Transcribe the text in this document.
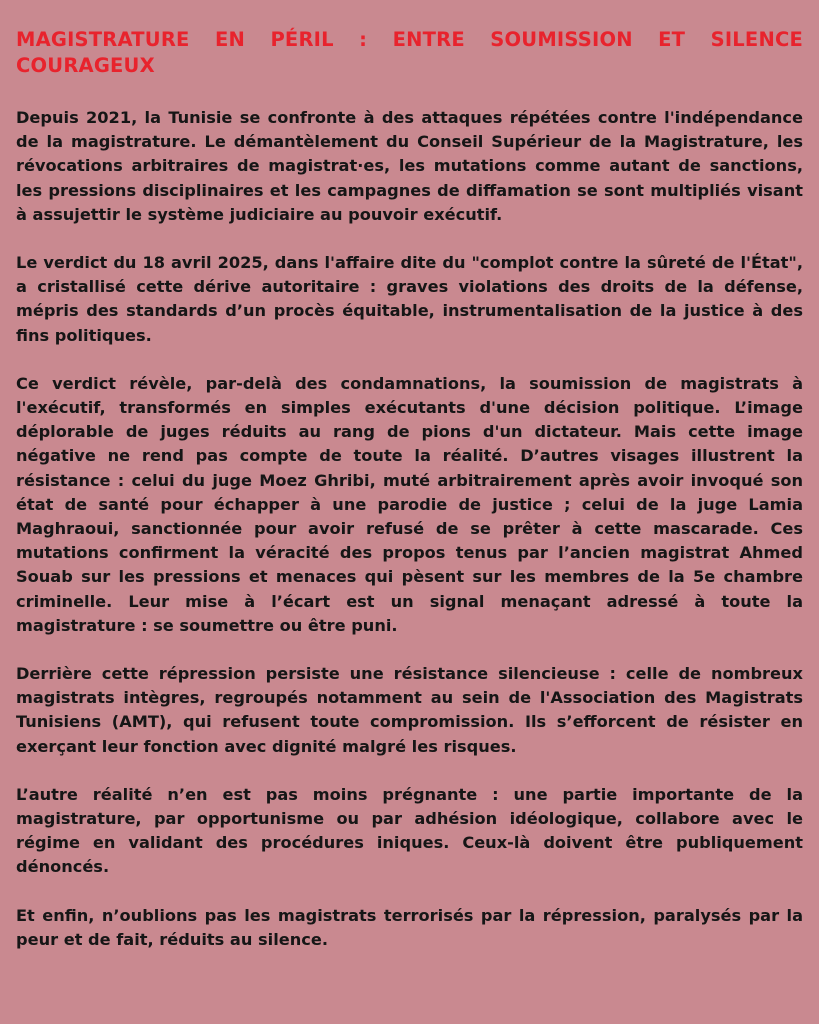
MAGISTRATURE EN PÉRIL : ENTRE SOUMISSION ET SILENCE COURAGEUX

Depuis 2021, la Tunisie se confronte à des attaques répétées contre l'indépendance de la magistrature. Le démantèlement du Conseil Supérieur de la Magistrature, les révocations arbitraires de magistrat·es, les mutations comme autant de sanctions, les pressions disciplinaires et les campagnes de diffamation se sont multipliés visant à assujettir le système judiciaire au pouvoir exécutif.

Le verdict du 18 avril 2025, dans l'affaire dite du "complot contre la sûreté de l'État", a cristallisé cette dérive autoritaire : graves violations des droits de la défense, mépris des standards d’un procès équitable, instrumentalisation de la justice à des fins politiques.

Ce verdict révèle, par-delà des condamnations, la soumission de magistrats à l'exécutif, transformés en simples exécutants d'une décision politique. L’image déplorable de juges réduits au rang de pions d'un dictateur. Mais cette image négative ne rend pas compte de toute la réalité. D’autres visages illustrent la résistance : celui du juge Moez Ghribi, muté arbitrairement après avoir invoqué son état de santé pour échapper à une parodie de justice ; celui de la juge Lamia Maghraoui, sanctionnée pour avoir refusé de se prêter à cette mascarade. Ces mutations confirment la véracité des propos tenus par l’ancien magistrat Ahmed Souab sur les pressions et menaces qui pèsent sur les membres de la 5e chambre criminelle. Leur mise à l’écart est un signal menaçant adressé à toute la magistrature : se soumettre ou être puni.

Derrière cette répression persiste une résistance silencieuse : celle de nombreux magistrats intègres, regroupés notamment au sein de l'Association des Magistrats Tunisiens (AMT), qui refusent toute compromission. Ils s’efforcent de résister en exerçant leur fonction avec dignité malgré les risques.

L’autre réalité n’en est pas moins prégnante : une partie importante de la magistrature, par opportunisme ou par adhésion idéologique, collabore avec le régime en validant des procédures iniques. Ceux-là doivent être publiquement dénoncés.

Et enfin, n’oublions pas les magistrats terrorisés par la répression, paralysés par la peur et de fait, réduits au silence.
